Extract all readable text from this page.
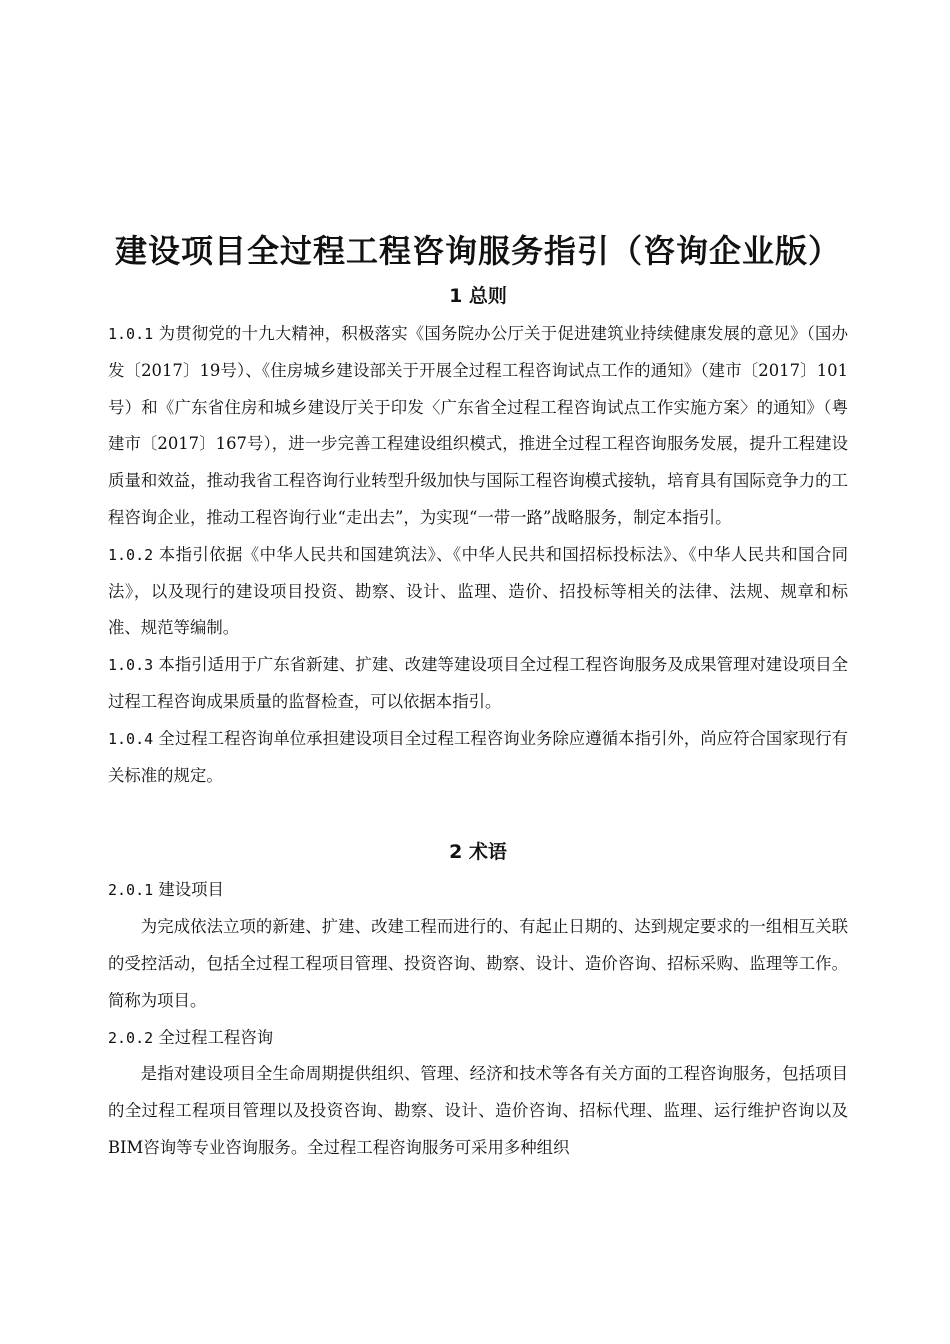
建设项目全过程工程咨询服务指引（咨询企业版）
1 总则

1.0.1 为贯彻党的十九大精神，积极落实《国务院办公厅关于促进建筑业持续健康发展的意见》（国办发〔2017〕19号）、《住房城乡建设部关于开展全过程工程咨询试点工作的通知》（建市〔2017〕101号）和《广东省住房和城乡建设厅关于印发〈广东省全过程工程咨询试点工作实施方案〉的通知》（粤建市〔2017〕167号），进一步完善工程建设组织模式，推进全过程工程咨询服务发展，提升工程建设质量和效益，推动我省工程咨询行业转型升级加快与国际工程咨询模式接轨，培育具有国际竞争力的工程咨询企业，推动工程咨询行业“走出去”，为实现“一带一路”战略服务，制定本指引。

1.0.2 本指引依据《中华人民共和国建筑法》、《中华人民共和国招标投标法》、《中华人民共和国合同法》，以及现行的建设项目投资、勘察、设计、监理、造价、招投标等相关的法律、法规、规章和标准、规范等编制。

1.0.3 本指引适用于广东省新建、扩建、改建等建设项目全过程工程咨询服务及成果管理对建设项目全过程工程咨询成果质量的监督检查，可以依据本指引。

1.0.4 全过程工程咨询单位承担建设项目全过程工程咨询业务除应遵循本指引外，尚应符合国家现行有关标准的规定。

2 术语

2.0.1 建设项目

为完成依法立项的新建、扩建、改建工程而进行的、有起止日期的、达到规定要求的一组相互关联的受控活动，包括全过程工程项目管理、投资咨询、勘察、设计、造价咨询、招标采购、监理等工作。简称为项目。

2.0.2 全过程工程咨询

是指对建设项目全生命周期提供组织、管理、经济和技术等各有关方面的工程咨询服务，包括项目的全过程工程项目管理以及投资咨询、勘察、设计、造价咨询、招标代理、监理、运行维护咨询以及BIM咨询等专业咨询服务。全过程工程咨询服务可采用多种组织
